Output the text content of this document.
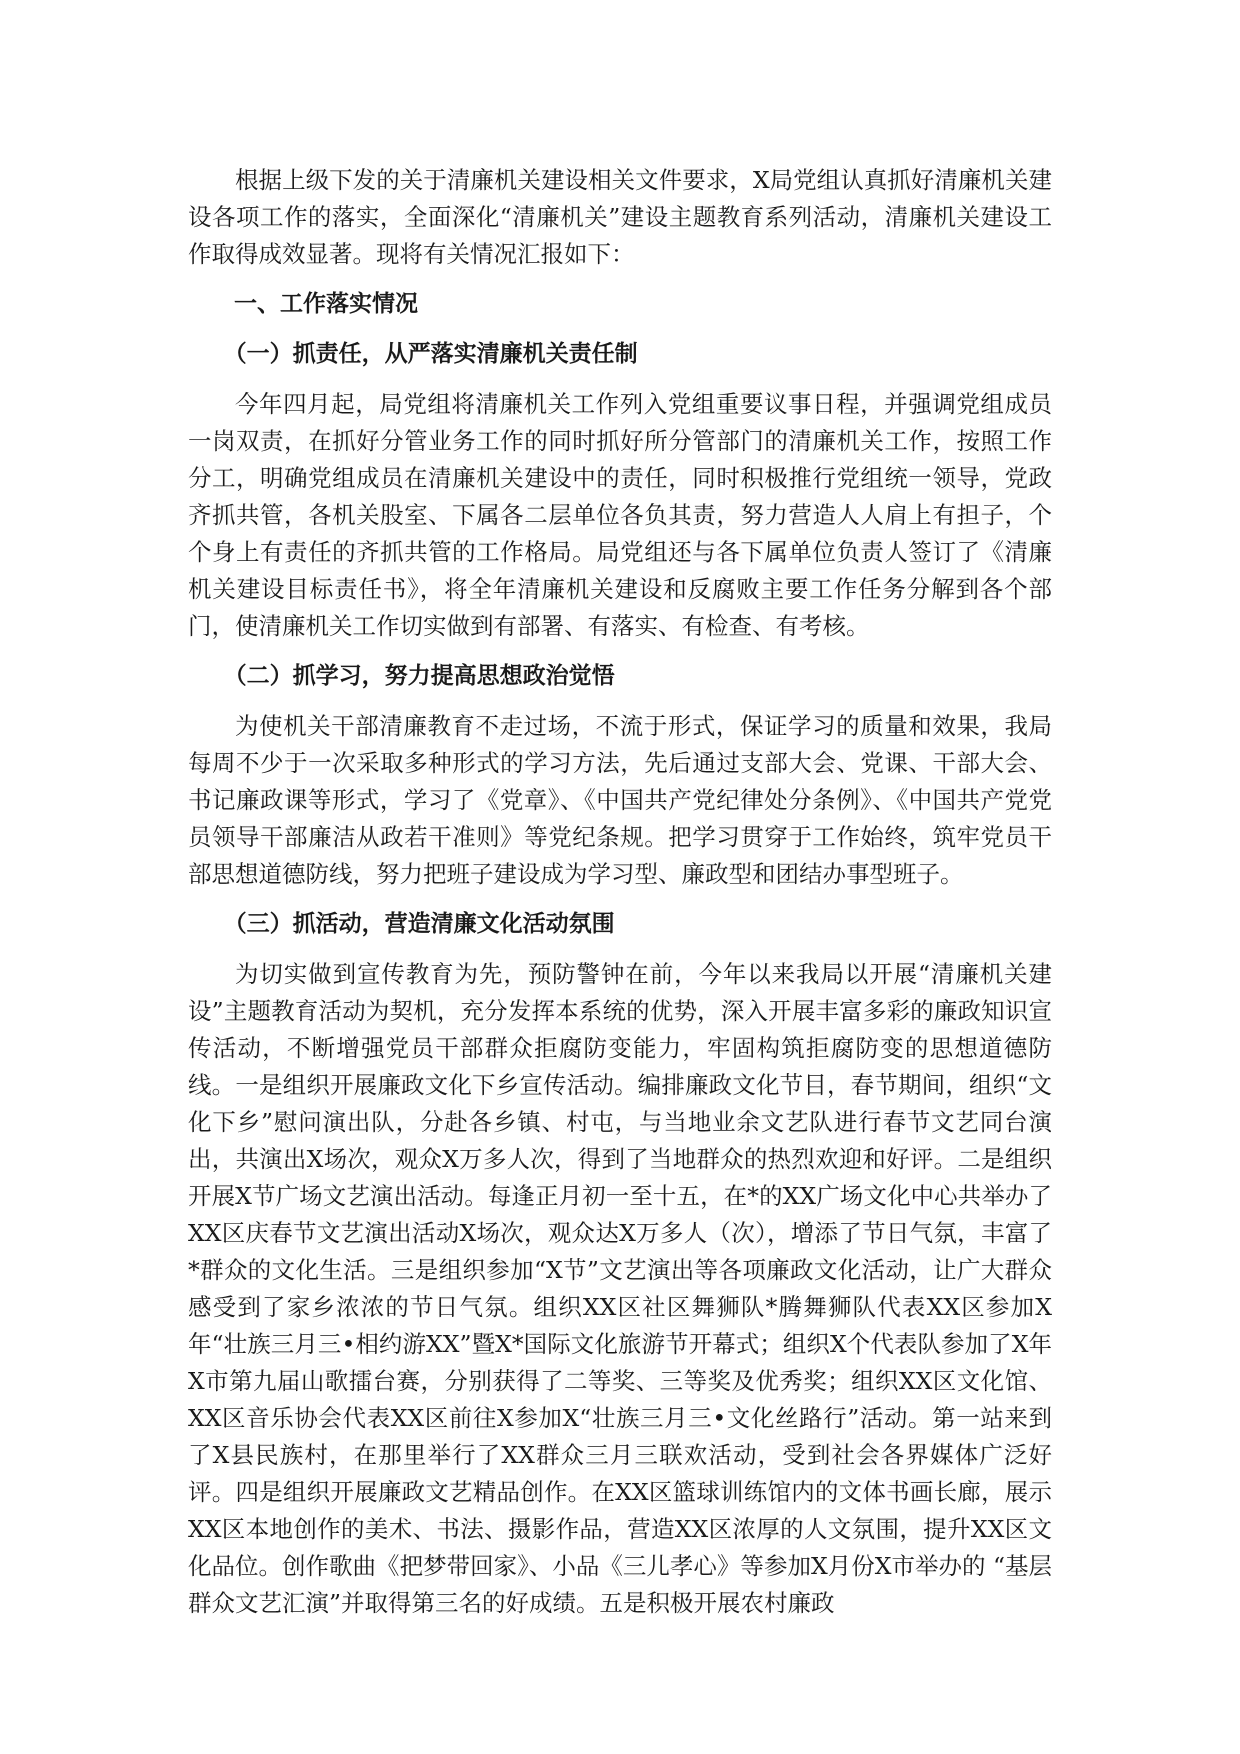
根据上级下发的关于清廉机关建设相关文件要求，X局党组认真抓好清廉机关建设各项工作的落实，全面深化“清廉机关”建设主题教育系列活动，清廉机关建设工作取得成效显著。现将有关情况汇报如下：

一、工作落实情况

（一）抓责任，从严落实清廉机关责任制

今年四月起，局党组将清廉机关工作列入党组重要议事日程，并强调党组成员一岗双责，在抓好分管业务工作的同时抓好所分管部门的清廉机关工作，按照工作分工，明确党组成员在清廉机关建设中的责任，同时积极推行党组统一领导，党政齐抓共管，各机关股室、下属各二层单位各负其责，努力营造人人肩上有担子，个个身上有责任的齐抓共管的工作格局。局党组还与各下属单位负责人签订了《清廉机关建设目标责任书》，将全年清廉机关建设和反腐败主要工作任务分解到各个部门，使清廉机关工作切实做到有部署、有落实、有检查、有考核。

（二）抓学习，努力提高思想政治觉悟

为使机关干部清廉教育不走过场，不流于形式，保证学习的质量和效果，我局每周不少于一次采取多种形式的学习方法，先后通过支部大会、党课、干部大会、书记廉政课等形式，学习了《党章》、《中国共产党纪律处分条例》、《中国共产党党员领导干部廉洁从政若干准则》等党纪条规。把学习贯穿于工作始终，筑牢党员干部思想道德防线，努力把班子建设成为学习型、廉政型和团结办事型班子。

（三）抓活动，营造清廉文化活动氛围

为切实做到宣传教育为先，预防警钟在前，今年以来我局以开展“清廉机关建设”主题教育活动为契机，充分发挥本系统的优势，深入开展丰富多彩的廉政知识宣传活动，不断增强党员干部群众拒腐防变能力，牢固构筑拒腐防变的思想道德防线。一是组织开展廉政文化下乡宣传活动。编排廉政文化节目，春节期间，组织“文化下乡”慰问演出队，分赴各乡镇、村屯，与当地业余文艺队进行春节文艺同台演出，共演出X场次，观众X万多人次，得到了当地群众的热烈欢迎和好评。二是组织开展X节广场文艺演出活动。每逢正月初一至十五，在*的XX广场文化中心共举办了XX区庆春节文艺演出活动X场次，观众达X万多人（次），增添了节日气氛，丰富了*群众的文化生活。三是组织参加“X节”文艺演出等各项廉政文化活动，让广大群众感受到了家乡浓浓的节日气氛。组织XX区社区舞狮队*腾舞狮队代表XX区参加X年“壮族三月三•相约游XX”暨X*国际文化旅游节开幕式；组织X个代表队参加了X年X市第九届山歌擂台赛，分别获得了二等奖、三等奖及优秀奖；组织XX区文化馆、XX区音乐协会代表XX区前往X参加X“壮族三月三•文化丝路行”活动。第一站来到了X县民族村，在那里举行了XX群众三月三联欢活动，受到社会各界媒体广泛好评。四是组织开展廉政文艺精品创作。在XX区篮球训练馆内的文体书画长廊，展示XX区本地创作的美术、书法、摄影作品，营造XX区浓厚的人文氛围，提升XX区文化品位。创作歌曲《把梦带回家》、小品《三儿孝心》等参加X月份X市举办的 “基层群众文艺汇演”并取得第三名的好成绩。五是积极开展农村廉政
